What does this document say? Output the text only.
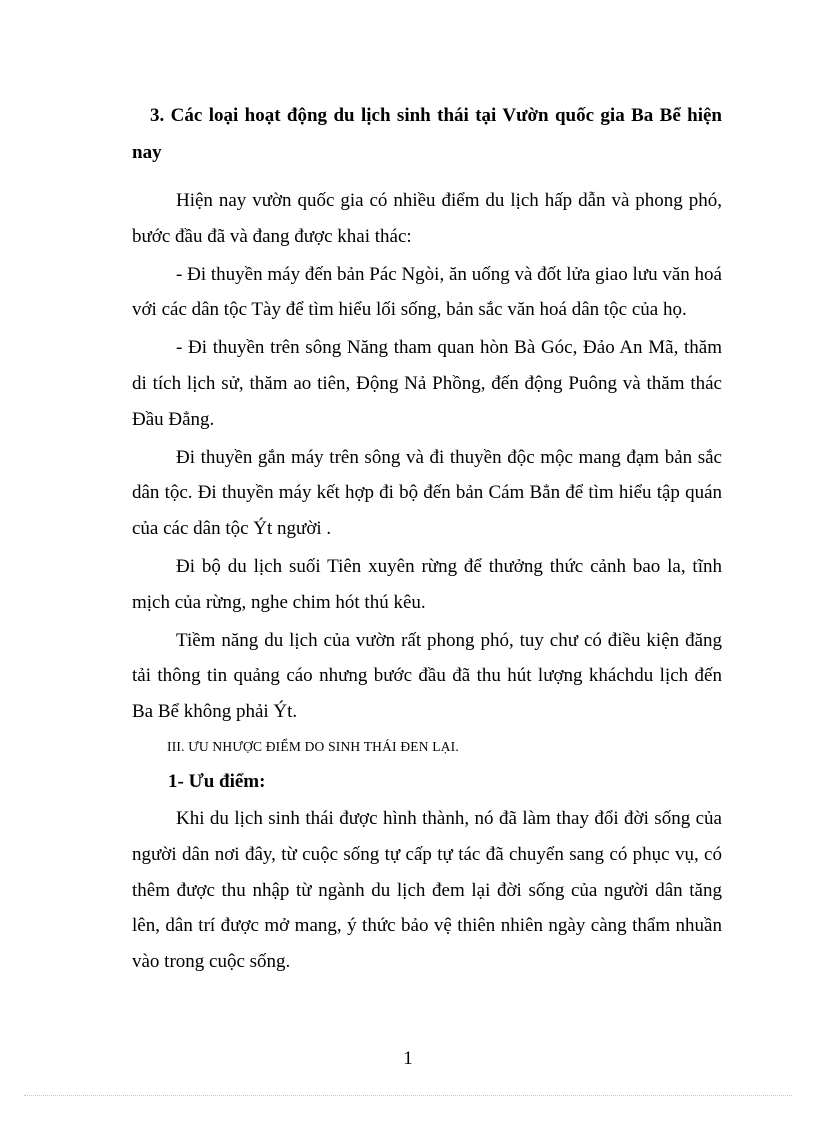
3. Các loại hoạt động du lịch sinh thái tại Vườn quốc gia Ba Bể hiện nay

Hiện nay vườn quốc gia có nhiều điểm du lịch hấp dẫn và phong phó, bước đầu đã và đang được khai thác:

- Đi thuyền máy đến bản Pác Ngòi, ăn uống và đốt lửa giao lưu văn hoá với các dân tộc Tày để tìm hiểu lối sống, bản sắc văn hoá dân tộc của họ.

- Đi thuyền trên sông Năng tham quan hòn Bà Góc, Đảo An Mã, thăm di tích lịch sử, thăm ao tiên, Động Nả Phồng, đến động Puông và thăm thác Đầu Đẳng.

Đi thuyền gắn máy trên sông và đi thuyền độc mộc mang đạm bản sắc dân tộc. Đi thuyền máy kết hợp đi bộ đến bản Cám Bẳn để tìm hiểu tập quán của các dân tộc Ýt người .

Đi bộ du lịch suối Tiên xuyên rừng để thưởng thức cảnh bao la, tĩnh mịch của rừng, nghe chim hót thú kêu.

Tiềm năng du lịch của vườn rất phong phó, tuy chư có điều kiện đăng tải thông tin quảng cáo nhưng bước đầu đã thu hút lượng kháchdu lịch đến Ba Bể không phải Ýt.

III. ƯU NHƯỢC ĐIỂM DO SINH THÁI ĐEN LẠI.

1- Ưu điểm:

Khi du lịch sinh thái được hình thành, nó đã làm thay đổi đời sống của người dân nơi đây, từ cuộc sống tự cấp tự tác đã chuyển sang có phục vụ, có thêm được thu nhập từ ngành du lịch đem lại đời sống của người dân tăng lên, dân trí được mở mang, ý thức bảo vệ thiên nhiên ngày càng thẩm nhuần vào trong cuộc sống.

1
